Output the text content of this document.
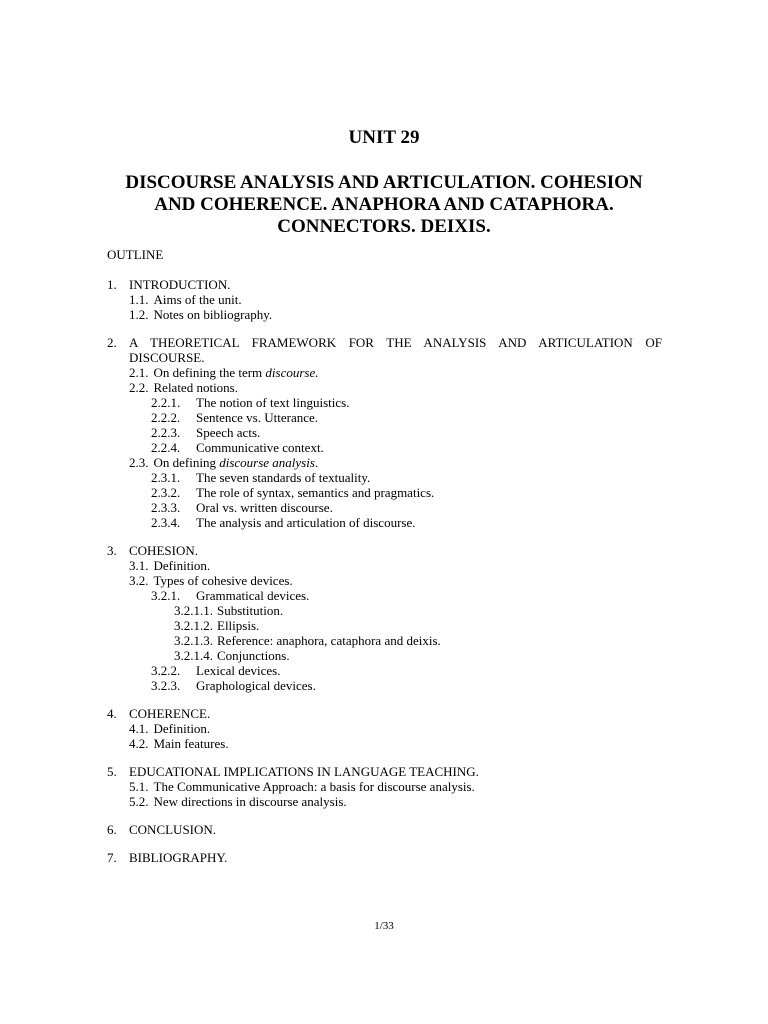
UNIT 29
DISCOURSE ANALYSIS AND ARTICULATION. COHESION
AND COHERENCE. ANAPHORA AND CATAPHORA.
CONNECTORS. DEIXIS.
OUTLINE
1. INTRODUCTION.
1.1. Aims of the unit.
1.2. Notes on bibliography.
2. A THEORETICAL FRAMEWORK FOR THE ANALYSIS AND ARTICULATION OF DISCOURSE.
2.1. On defining the term discourse.
2.2. Related notions.
2.2.1.	The notion of text linguistics.
2.2.2.	Sentence vs. Utterance.
2.2.3.	Speech acts.
2.2.4.	Communicative context.
2.3. On defining discourse analysis.
2.3.1.	The seven standards of textuality.
2.3.2.	The role of syntax, semantics and pragmatics.
2.3.3.	Oral vs. written discourse.
2.3.4.	The analysis and articulation of discourse.
3. COHESION.
3.1. Definition.
3.2. Types of cohesive devices.
3.2.1.	Grammatical devices.
3.2.1.1. Substitution.
3.2.1.2. Ellipsis.
3.2.1.3. Reference: anaphora, cataphora and deixis.
3.2.1.4. Conjunctions.
3.2.2.	Lexical devices.
3.2.3.	Graphological devices.
4. COHERENCE.
4.1. Definition.
4.2. Main features.
5. EDUCATIONAL IMPLICATIONS IN LANGUAGE TEACHING.
5.1. The Communicative Approach: a basis for discourse analysis.
5.2. New directions in discourse analysis.
6. CONCLUSION.
7. BIBLIOGRAPHY.
1/33
